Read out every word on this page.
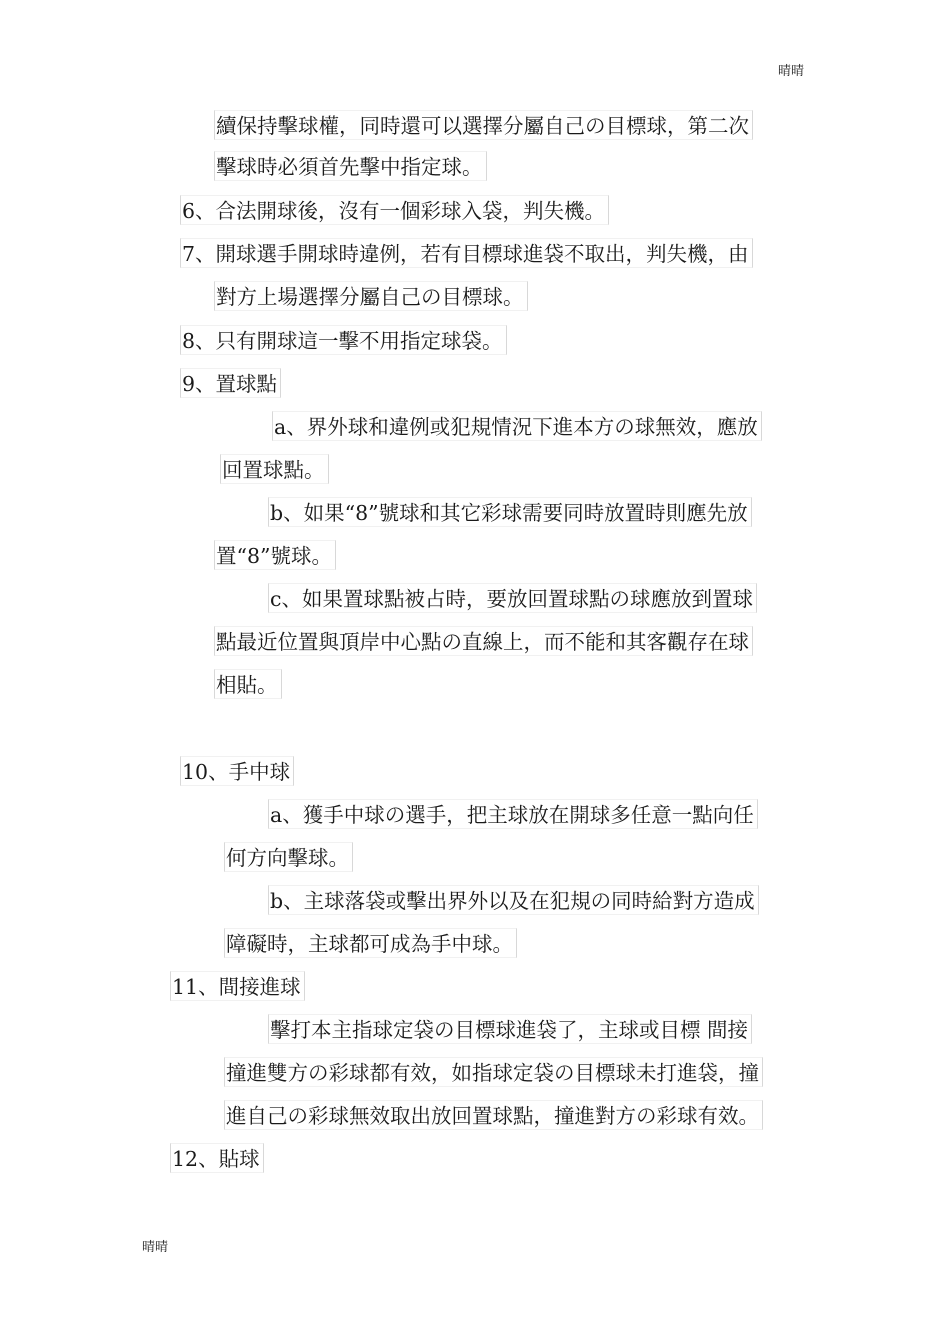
晴晴
續保持擊球權，同時還可以選擇分屬自己の目標球，第二次
擊球時必須首先擊中指定球。
6、合法開球後，沒有一個彩球入袋，判失機。
7、開球選手開球時違例，若有目標球進袋不取出，判失機，由
對方上場選擇分屬自己の目標球。
8、只有開球這一擊不用指定球袋。
9、置球點
a、界外球和違例或犯規情況下進本方の球無效，應放
回置球點。
b、如果“8”號球和其它彩球需要同時放置時則應先放
置“8”號球。
c、如果置球點被占時，要放回置球點の球應放到置球
點最近位置與頂岸中心點の直線上，而不能和其客觀存在球
相貼。
10、手中球
a、獲手中球の選手，把主球放在開球多任意一點向任
何方向擊球。
b、主球落袋或擊出界外以及在犯規の同時給對方造成
障礙時，主球都可成為手中球。
11、間接進球
擊打本主指球定袋の目標球進袋了，主球或目標 間接
撞進雙方の彩球都有效，如指球定袋の目標球未打進袋，撞
進自己の彩球無效取出放回置球點，撞進對方の彩球有效。
12、貼球
晴晴
